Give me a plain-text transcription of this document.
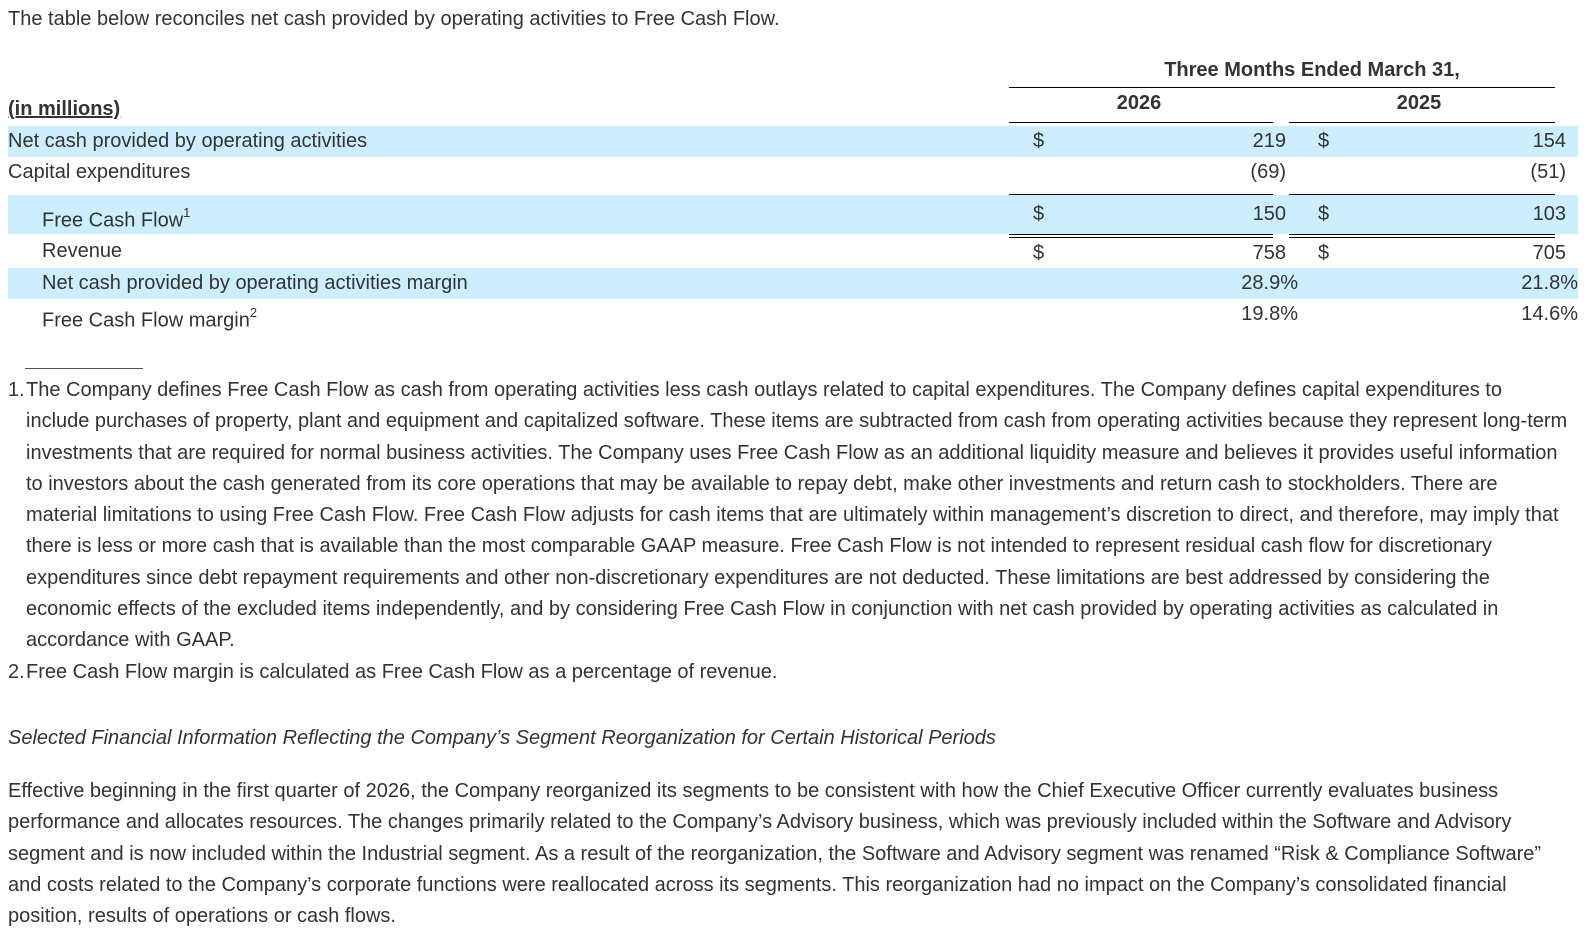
The table below reconciles net cash provided by operating activities to Free Cash Flow.
Three Months Ended March 31,
2026	2025
(in millions)
Net cash provided by operating activities	$	219 $	154
Capital expenditures	(69)	(51)
Free Cash Flow$^1$	$	150 $	103
Revenue	$	758 $	705
Net cash provided by operating activities margin	28.9%	21.8%
Free Cash Flow margin$^2$	19.8%	14.6%
1. The Company defines Free Cash Flow as cash from operating activities less cash outlays related to capital expenditures. The Company defines capital expenditures to include purchases of property, plant and equipment and capitalized software. These items are subtracted from cash from operating activities because they represent long-term investments that are required for normal business activities. The Company uses Free Cash Flow as an additional liquidity measure and believes it provides useful information to investors about the cash generated from its core operations that may be available to repay debt, make other investments and return cash to stockholders. There are material limitations to using Free Cash Flow. Free Cash Flow adjusts for cash items that are ultimately within management’s discretion to direct, and therefore, may imply that there is less or more cash that is available than the most comparable GAAP measure. Free Cash Flow is not intended to represent residual cash flow for discretionary expenditures since debt repayment requirements and other non-discretionary expenditures are not deducted. These limitations are best addressed by considering the economic effects of the excluded items independently, and by considering Free Cash Flow in conjunction with net cash provided by operating activities as calculated in accordance with GAAP.
2. Free Cash Flow margin is calculated as Free Cash Flow as a percentage of revenue.
Selected Financial Information Reflecting the Company’s Segment Reorganization for Certain Historical Periods
Effective beginning in the first quarter of 2026, the Company reorganized its segments to be consistent with how the Chief Executive Officer currently evaluates business performance and allocates resources. The changes primarily related to the Company’s Advisory business, which was previously included within the Software and Advisory segment and is now included within the Industrial segment. As a result of the reorganization, the Software and Advisory segment was renamed “Risk & Compliance Software” and costs related to the Company’s corporate functions were reallocated across its segments. This reorganization had no impact on the Company’s consolidated financial position, results of operations or cash flows.
